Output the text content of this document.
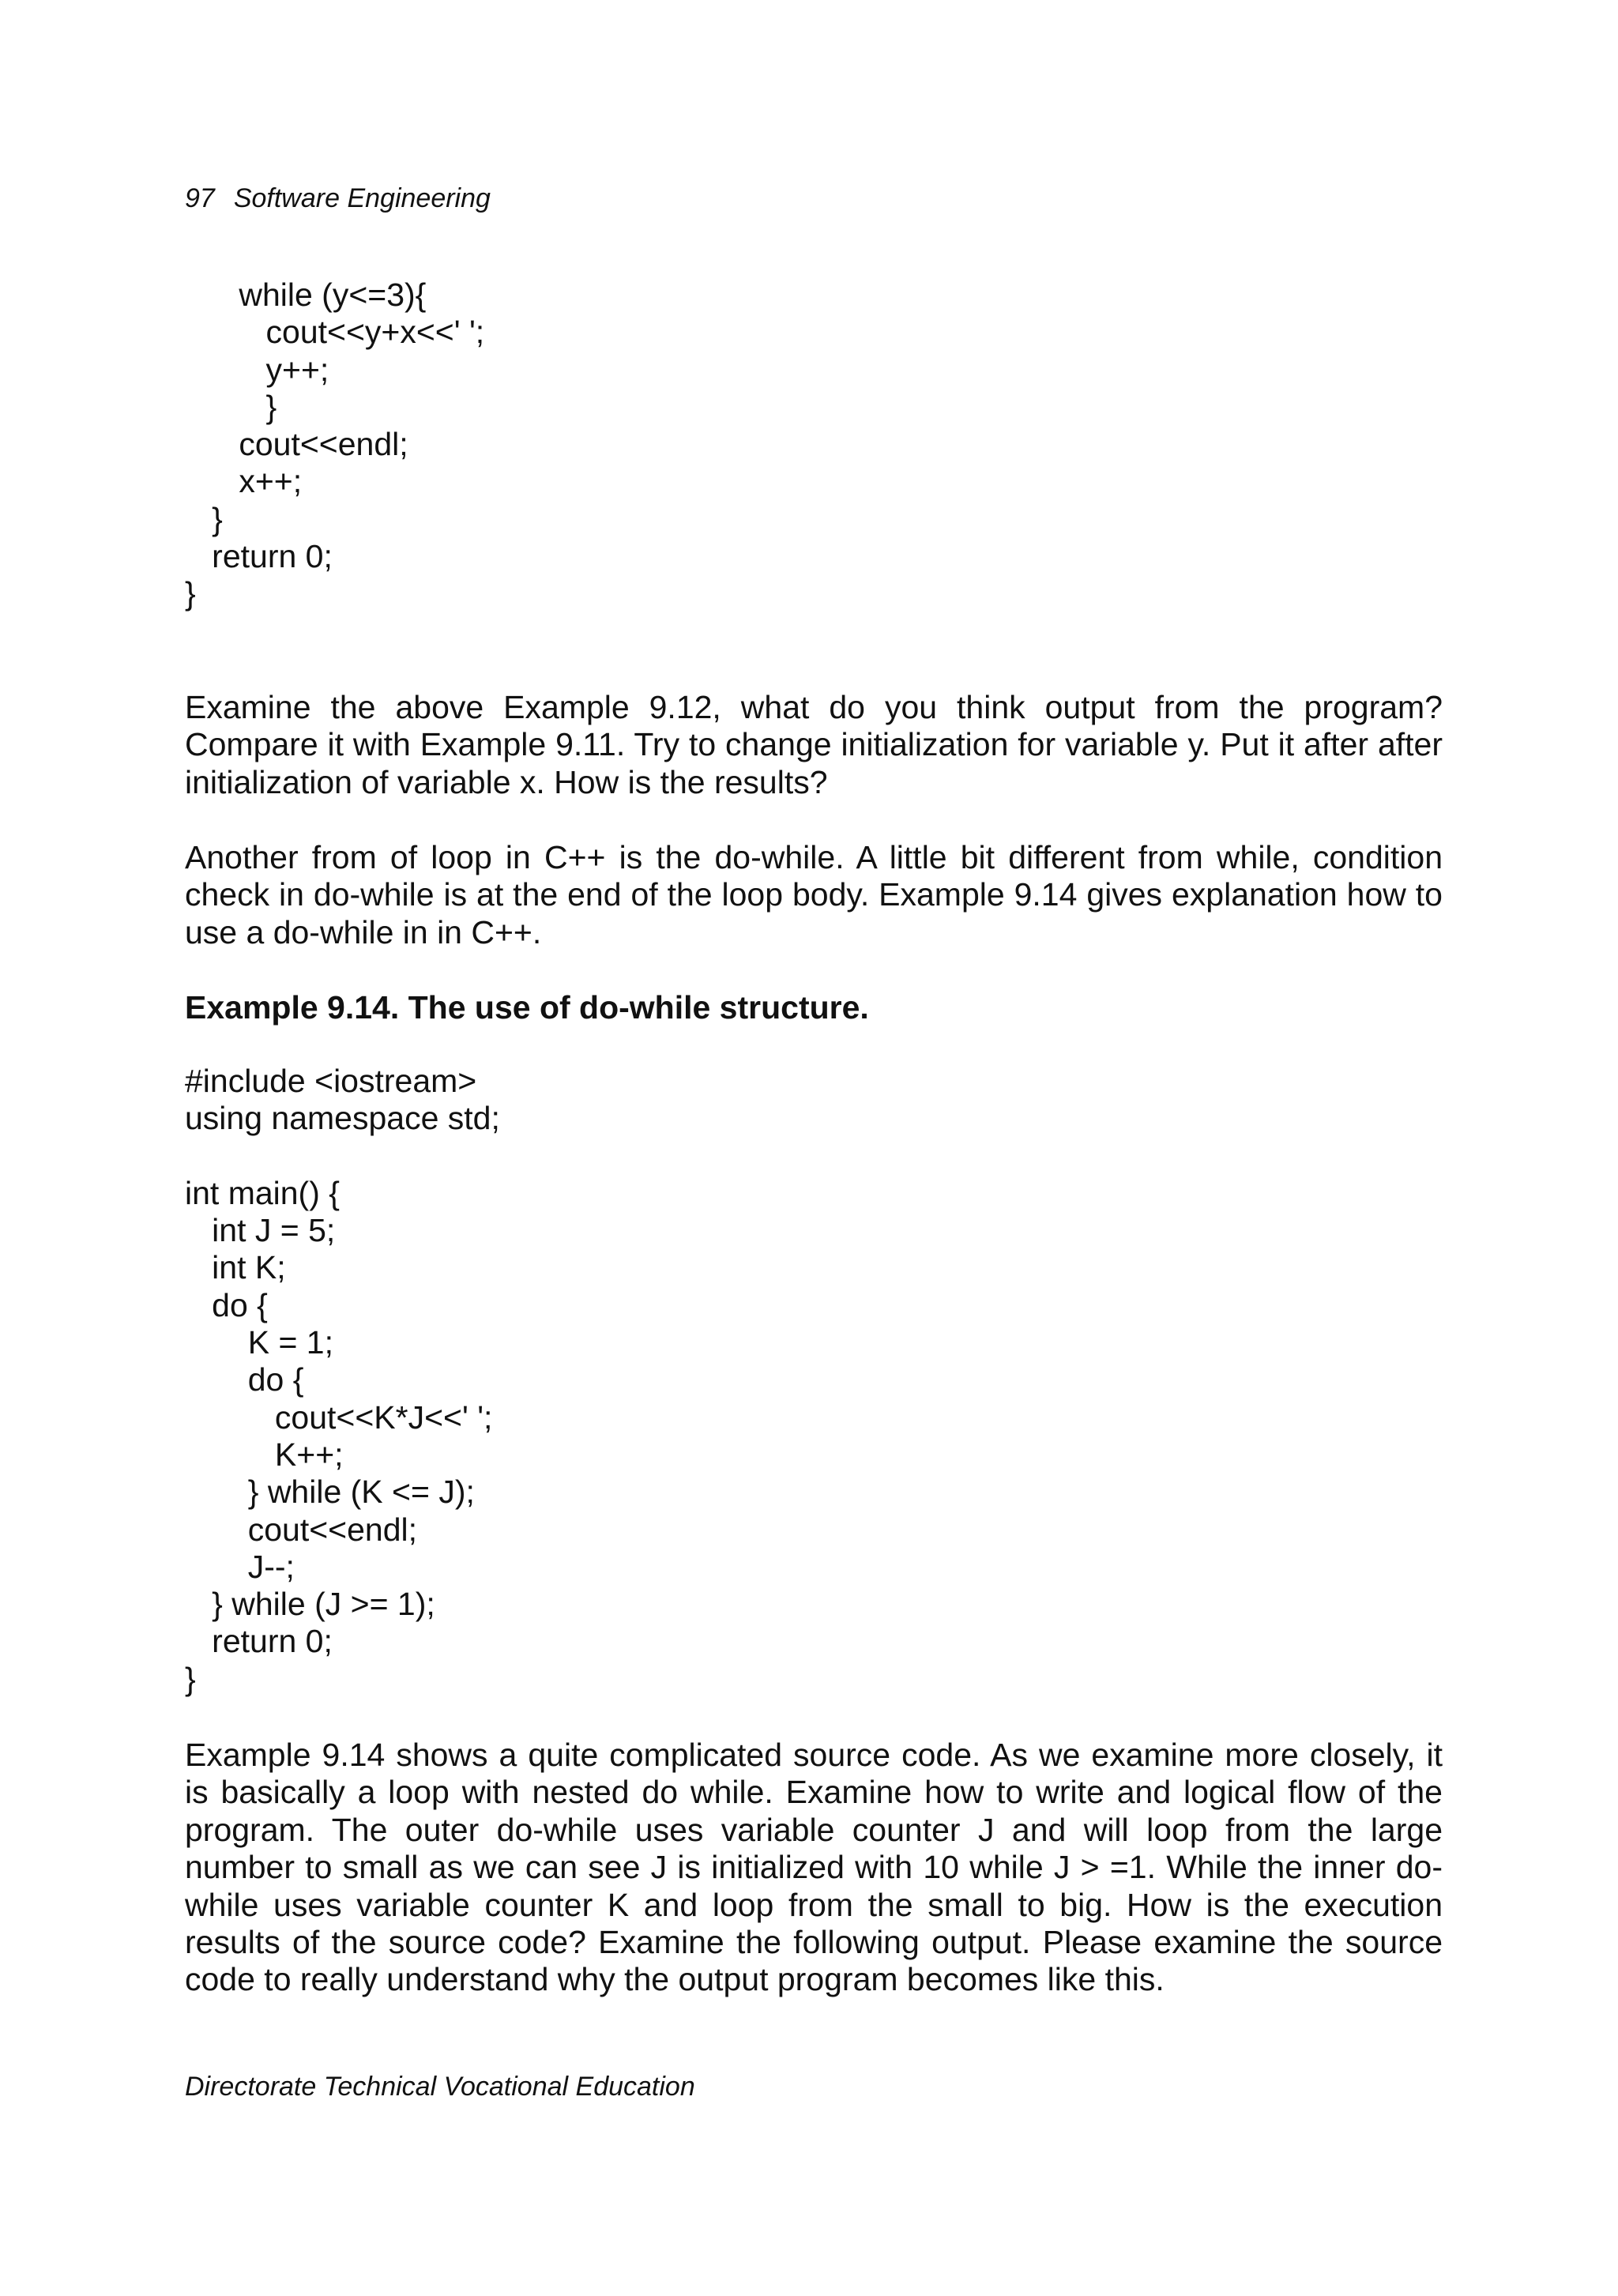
97 Software Engineering
while (y<=3){
cout<<y+x<<' ';
y++;
}
cout<<endl;
x++;
}
return 0;
}

Examine the above Example 9.12, what do you think output from the program? Compare it with Example 9.11. Try to change initialization for variable y. Put it after after initialization of variable x. How is the results?

Another from of loop in C++ is the do-while. A little bit different from while, condition check in do-while is at the end of the loop body. Example 9.14 gives explanation how to use a do-while in in C++.

Example 9.14. The use of do-while structure.

#include <iostream>
using namespace std;

int main() {
int J = 5;
int K;
do {
K = 1;
do {
cout<<K*J<<' ';
K++;
} while (K <= J);
cout<<endl;
J--;
} while (J >= 1);
return 0;
}

Example 9.14 shows a quite complicated source code. As we examine more closely, it is basically a loop with nested do while. Examine how to write and logical flow of the program. The outer do-while uses variable counter J and will loop from the large number to small as we can see J is initialized with 10 while J > =1. While the inner do-while uses variable counter K and loop from the small to big. How is the execution results of the source code? Examine the following output. Please examine the source code to really understand why the output program becomes like this.

Directorate Technical Vocational Education
